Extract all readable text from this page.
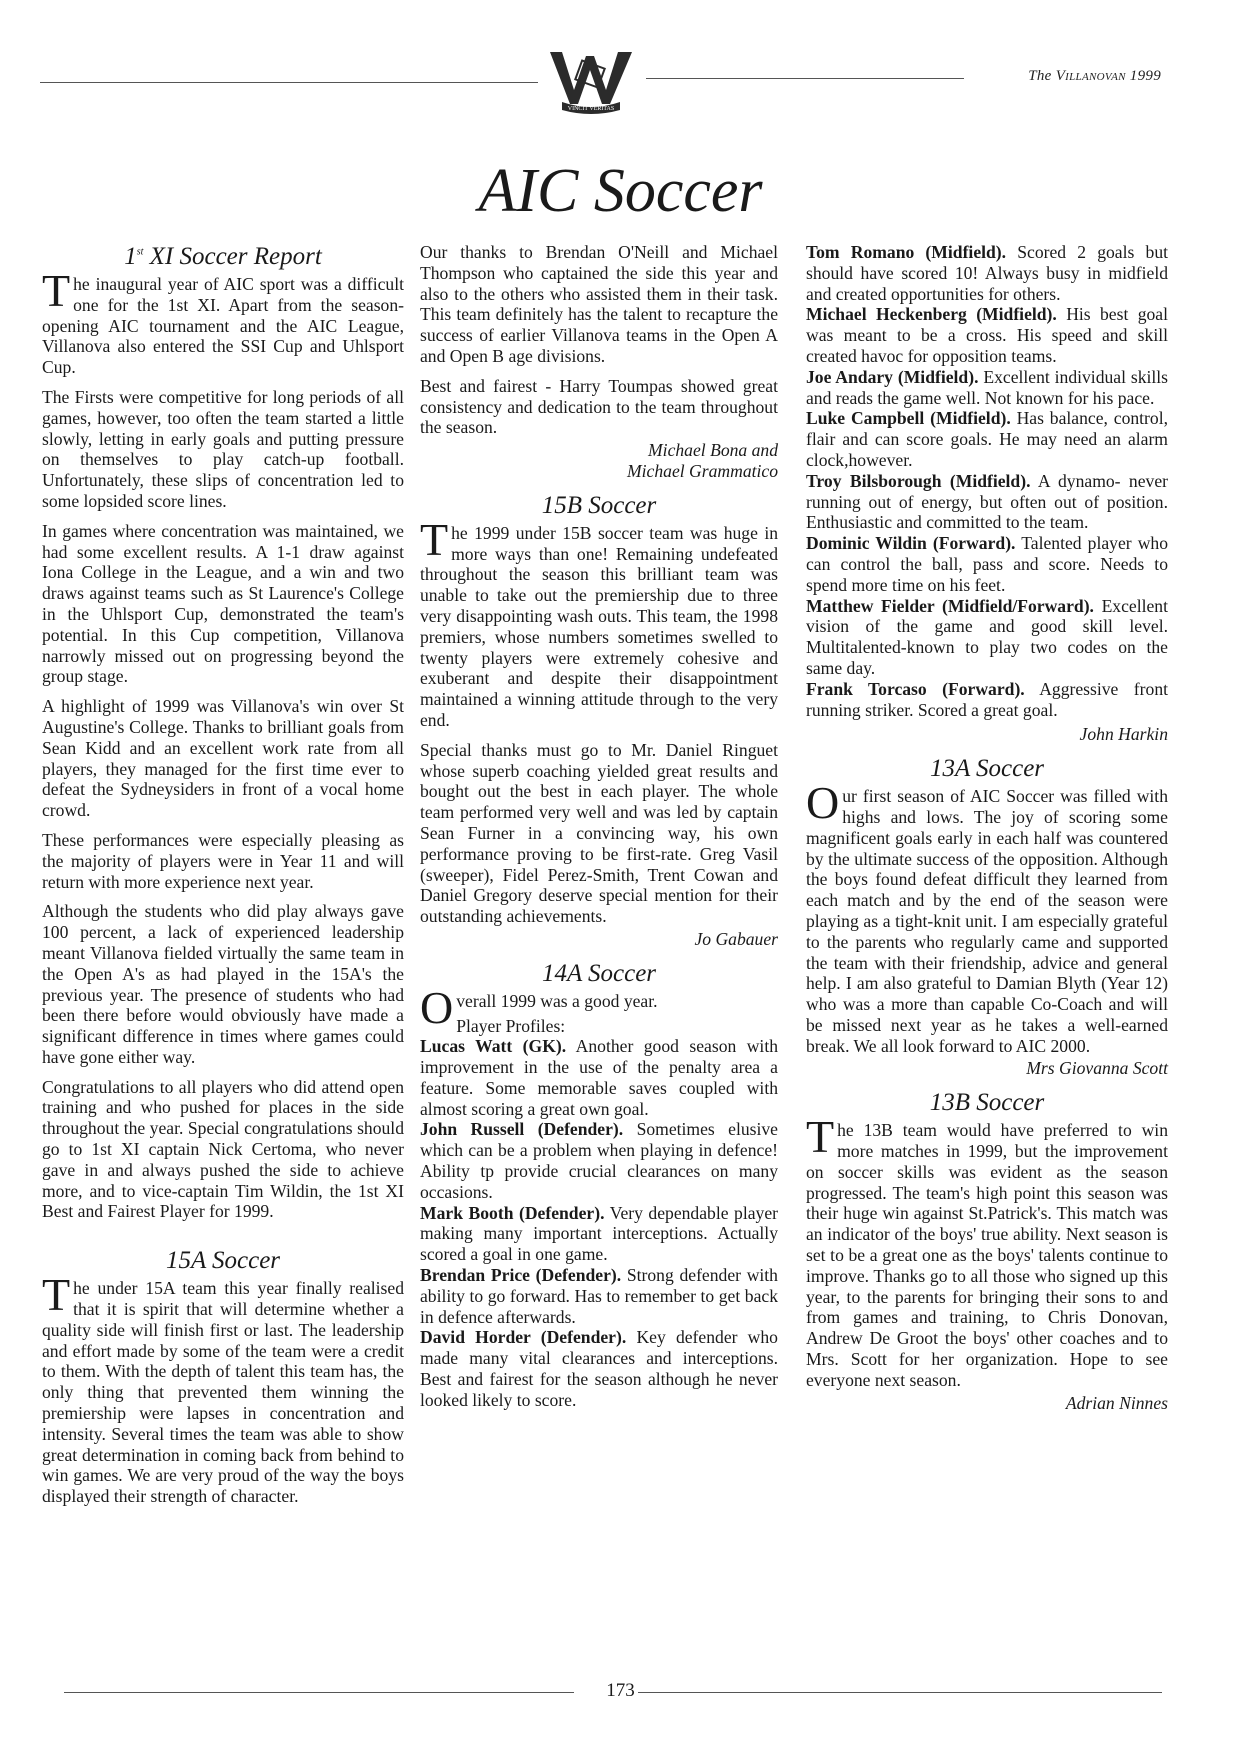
VINCIT VERITAS
The Villanovan 1999
AIC Soccer
1st XI Soccer Report

The inaugural year of AIC sport was a difficult one for the 1st XI. Apart from the season-opening AIC tournament and the AIC League, Villanova also entered the SSI Cup and Uhlsport Cup.

The Firsts were competitive for long periods of all games, however, too often the team started a little slowly, letting in early goals and putting pressure on themselves to play catch-up football. Unfortunately, these slips of concentration led to some lopsided score lines.

In games where concentration was maintained, we had some excellent results. A 1-1 draw against Iona College in the League, and a win and two draws against teams such as St Laurence's College in the Uhlsport Cup, demonstrated the team's potential. In this Cup competition, Villanova narrowly missed out on progressing beyond the group stage.

A highlight of 1999 was Villanova's win over St Augustine's College. Thanks to brilliant goals from Sean Kidd and an excellent work rate from all players, they managed for the first time ever to defeat the Sydneysiders in front of a vocal home crowd.

These performances were especially pleasing as the majority of players were in Year 11 and will return with more experience next year.

Although the students who did play always gave 100 percent, a lack of experienced leadership meant Villanova fielded virtually the same team in the Open A's as had played in the 15A's the previous year. The presence of students who had been there before would obviously have made a significant difference in times where games could have gone either way.

Congratulations to all players who did attend open training and who pushed for places in the side throughout the year. Special congratulations should go to 1st XI captain Nick Certoma, who never gave in and always pushed the side to achieve more, and to vice-captain Tim Wildin, the 1st XI Best and Fairest Player for 1999.

15A Soccer

The under 15A team this year finally realised that it is spirit that will determine whether a quality side will finish first or last. The leadership and effort made by some of the team were a credit to them. With the depth of talent this team has, the only thing that prevented them winning the premiership were lapses in concentration and intensity. Several times the team was able to show great determination in coming back from behind to win games. We are very proud of the way the boys displayed their strength of character.

Our thanks to Brendan O'Neill and Michael Thompson who captained the side this year and also to the others who assisted them in their task. This team definitely has the talent to recapture the success of earlier Villanova teams in the Open A and Open B age divisions.

Best and fairest - Harry Toumpas showed great consistency and dedication to the team throughout the season.

Michael Bona and
Michael Grammatico

15B Soccer

The 1999 under 15B soccer team was huge in more ways than one! Remaining undefeated throughout the season this brilliant team was unable to take out the premiership due to three very disappointing wash outs. This team, the 1998 premiers, whose numbers sometimes swelled to twenty players were extremely cohesive and exuberant and despite their disappointment maintained a winning attitude through to the very end.

Special thanks must go to Mr. Daniel Ringuet whose superb coaching yielded great results and bought out the best in each player. The whole team performed very well and was led by captain Sean Furner in a convincing way, his own performance proving to be first-rate. Greg Vasil (sweeper), Fidel Perez-Smith, Trent Cowan and Daniel Gregory deserve special mention for their outstanding achievements.

Jo Gabauer

14A Soccer

Overall 1999 was a good year.

Player Profiles:

Lucas Watt (GK). Another good season with improvement in the use of the penalty area a feature. Some memorable saves coupled with almost scoring a great own goal.

John Russell (Defender). Sometimes elusive which can be a problem when playing in defence! Ability tp provide crucial clearances on many occasions.

Mark Booth (Defender). Very dependable player making many important interceptions. Actually scored a goal in one game.

Brendan Price (Defender). Strong defender with ability to go forward. Has to remember to get back in defence afterwards.

David Horder (Defender). Key defender who made many vital clearances and interceptions. Best and fairest for the season although he never looked likely to score.

Tom Romano (Midfield). Scored 2 goals but should have scored 10! Always busy in midfield and created opportunities for others.

Michael Heckenberg (Midfield). His best goal was meant to be a cross. His speed and skill created havoc for opposition teams.

Joe Andary (Midfield). Excellent individual skills and reads the game well. Not known for his pace.

Luke Campbell (Midfield). Has balance, control, flair and can score goals. He may need an alarm clock,however.

Troy Bilsborough (Midfield). A dynamo- never running out of energy, but often out of position. Enthusiastic and committed to the team.

Dominic Wildin (Forward). Talented player who can control the ball, pass and score. Needs to spend more time on his feet.

Matthew Fielder (Midfield/Forward). Excellent vision of the game and good skill level. Multitalented-known to play two codes on the same day.

Frank Torcaso (Forward). Aggressive front running striker. Scored a great goal.

John Harkin

13A Soccer

Our first season of AIC Soccer was filled with highs and lows. The joy of scoring some magnificent goals early in each half was countered by the ultimate success of the opposition. Although the boys found defeat difficult they learned from each match and by the end of the season were playing as a tight-knit unit. I am especially grateful to the parents who regularly came and supported the team with their friendship, advice and general help. I am also grateful to Damian Blyth (Year 12) who was a more than capable Co-Coach and will be missed next year as he takes a well-earned break. We all look forward to AIC 2000.

Mrs Giovanna Scott

13B Soccer

The 13B team would have preferred to win more matches in 1999, but the improvement on soccer skills was evident as the season progressed. The team's high point this season was their huge win against St.Patrick's. This match was an indicator of the boys' true ability. Next season is set to be a great one as the boys' talents continue to improve. Thanks go to all those who signed up this year, to the parents for bringing their sons to and from games and training, to Chris Donovan, Andrew De Groot the boys' other coaches and to Mrs. Scott for her organization. Hope to see everyone next season.

Adrian Ninnes

173
